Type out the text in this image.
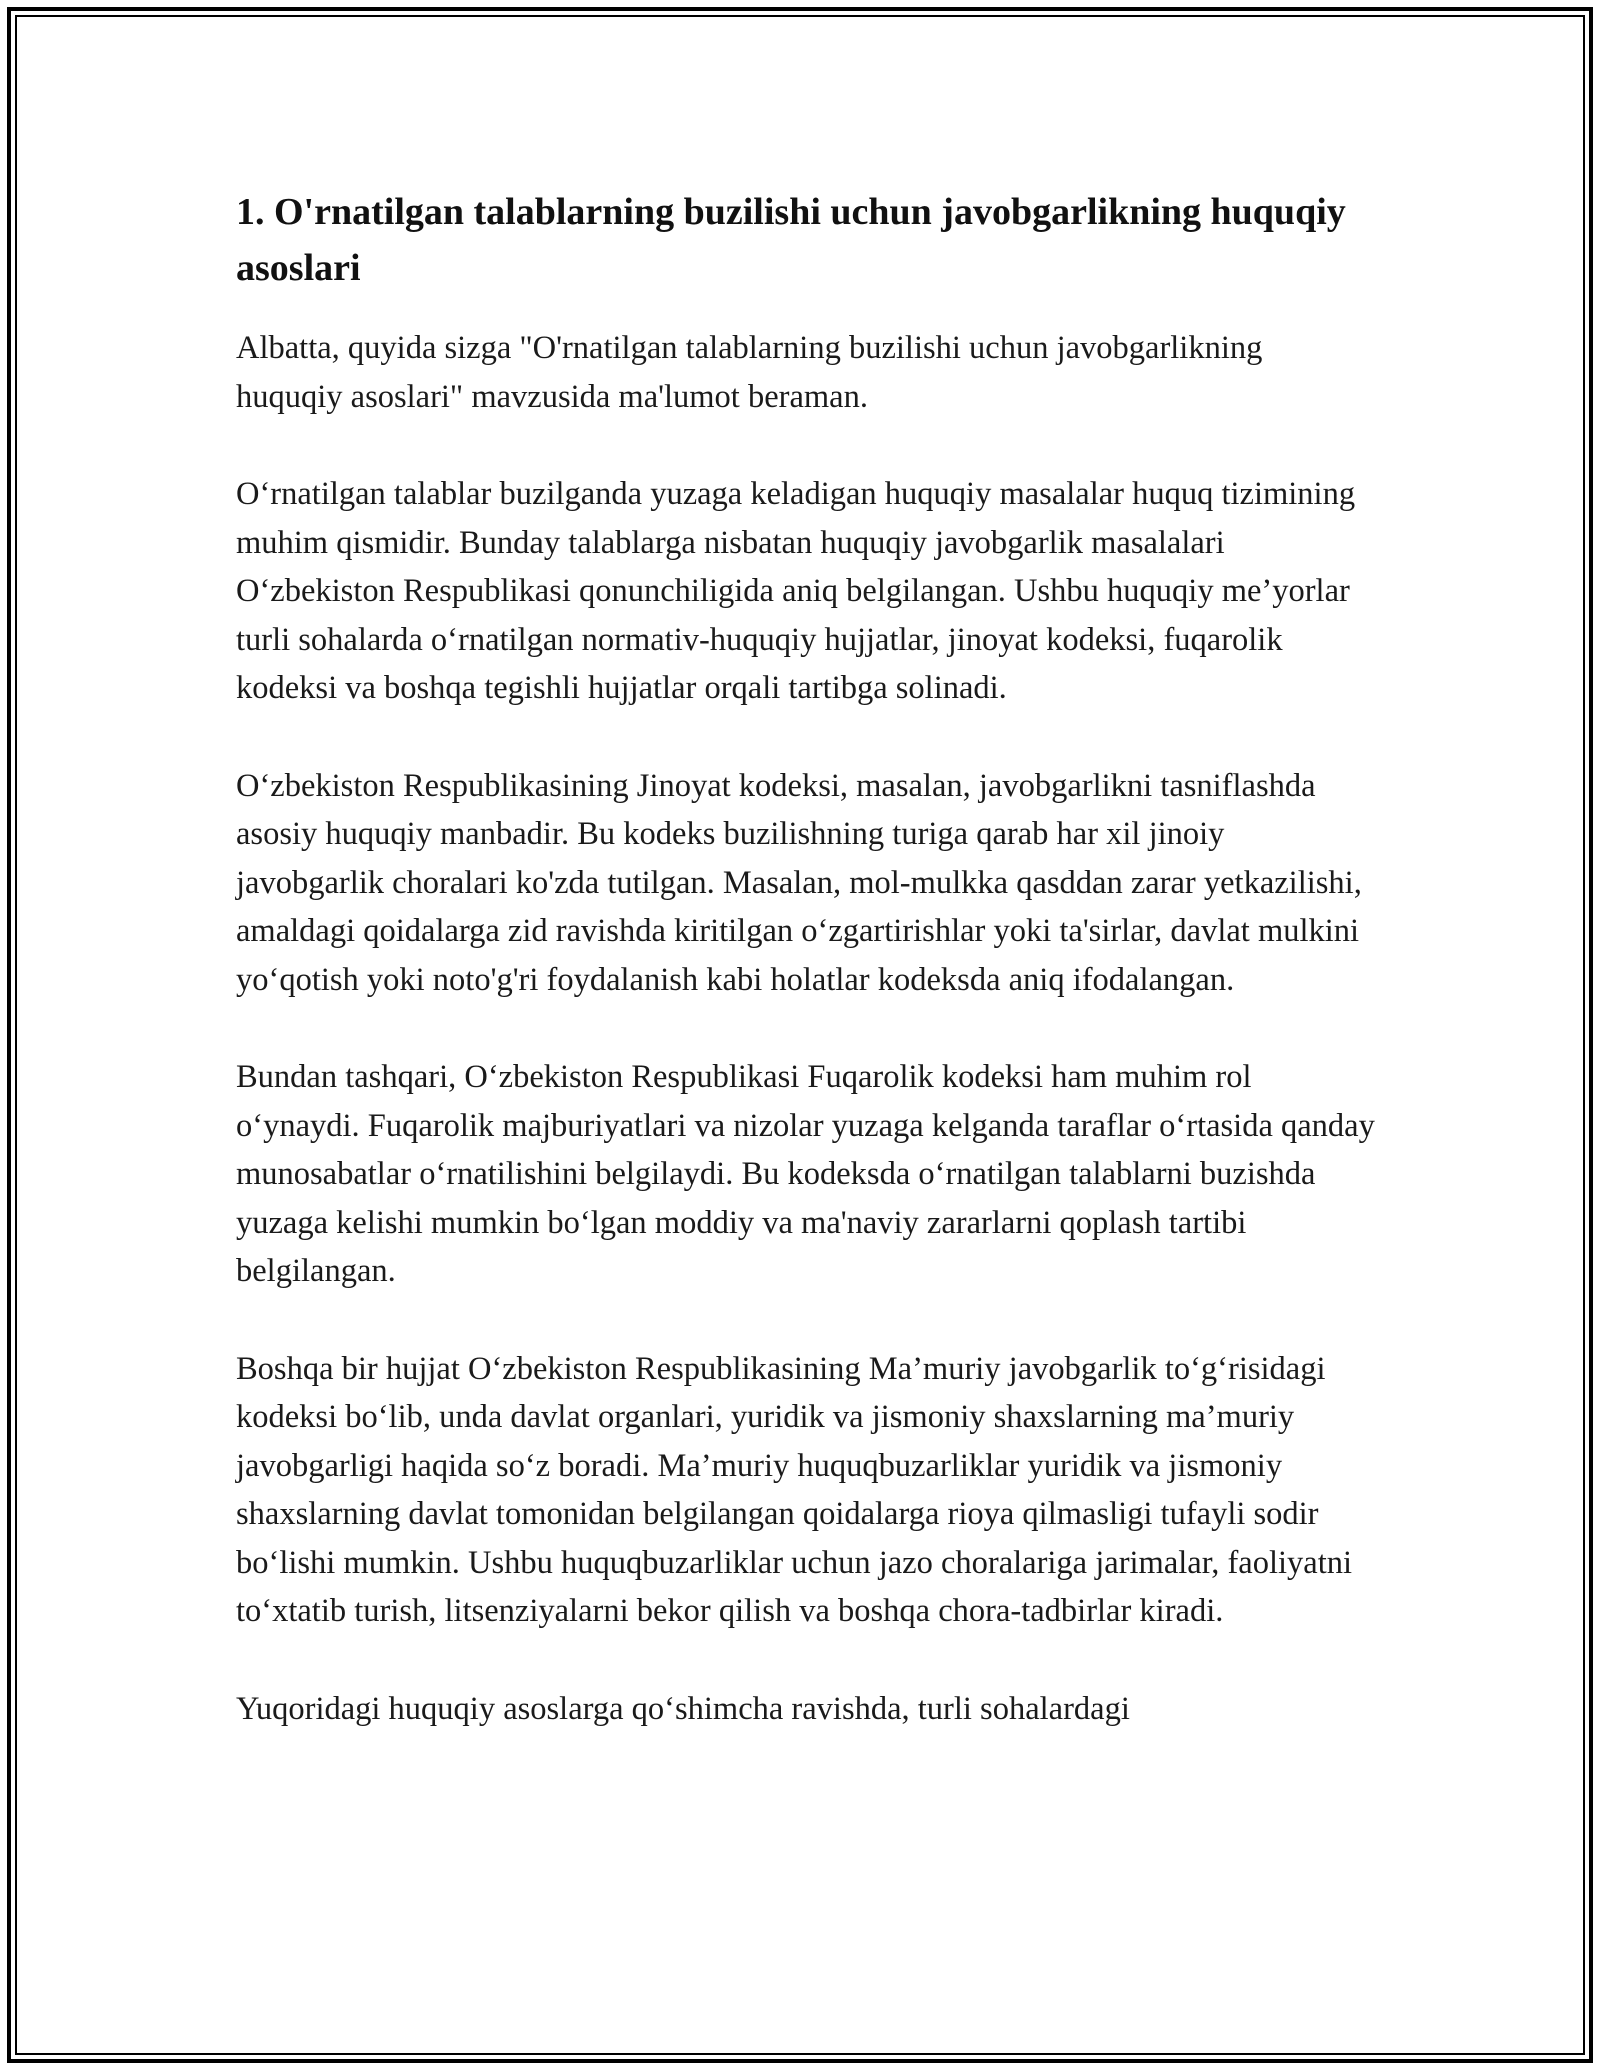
1. O'rnatilgan talablarning buzilishi uchun javobgarlikning huquqiy asoslari

Albatta, quyida sizga "O'rnatilgan talablarning buzilishi uchun javobgarlikning huquqiy asoslari" mavzusida ma'lumot beraman.

O‘rnatilgan talablar buzilganda yuzaga keladigan huquqiy masalalar huquq tizimining muhim qismidir. Bunday talablarga nisbatan huquqiy javobgarlik masalalari O‘zbekiston Respublikasi qonunchiligida aniq belgilangan. Ushbu huquqiy me’yorlar turli sohalarda o‘rnatilgan normativ-huquqiy hujjatlar, jinoyat kodeksi, fuqarolik kodeksi va boshqa tegishli hujjatlar orqali tartibga solinadi.

O‘zbekiston Respublikasining Jinoyat kodeksi, masalan, javobgarlikni tasniflashda asosiy huquqiy manbadir. Bu kodeks buzilishning turiga qarab har xil jinoiy javobgarlik choralari ko'zda tutilgan. Masalan, mol-mulkka qasddan zarar yetkazilishi, amaldagi qoidalarga zid ravishda kiritilgan o‘zgartirishlar yoki ta'sirlar, davlat mulkini yo‘qotish yoki noto'g'ri foydalanish kabi holatlar kodeksda aniq ifodalangan.

Bundan tashqari, O‘zbekiston Respublikasi Fuqarolik kodeksi ham muhim rol o‘ynaydi. Fuqarolik majburiyatlari va nizolar yuzaga kelganda taraflar o‘rtasida qanday munosabatlar o‘rnatilishini belgilaydi. Bu kodeksda o‘rnatilgan talablarni buzishda yuzaga kelishi mumkin bo‘lgan moddiy va ma'naviy zararlarni qoplash tartibi belgilangan.

Boshqa bir hujjat O‘zbekiston Respublikasining Ma’muriy javobgarlik to‘g‘risidagi kodeksi bo‘lib, unda davlat organlari, yuridik va jismoniy shaxslarning ma’muriy javobgarligi haqida so‘z boradi. Ma’muriy huquqbuzarliklar yuridik va jismoniy shaxslarning davlat tomonidan belgilangan qoidalarga rioya qilmasligi tufayli sodir bo‘lishi mumkin. Ushbu huquqbuzarliklar uchun jazo choralariga jarimalar, faoliyatni to‘xtatib turish, litsenziyalarni bekor qilish va boshqa chora-tadbirlar kiradi.

Yuqoridagi huquqiy asoslarga qo‘shimcha ravishda, turli sohalardagi
